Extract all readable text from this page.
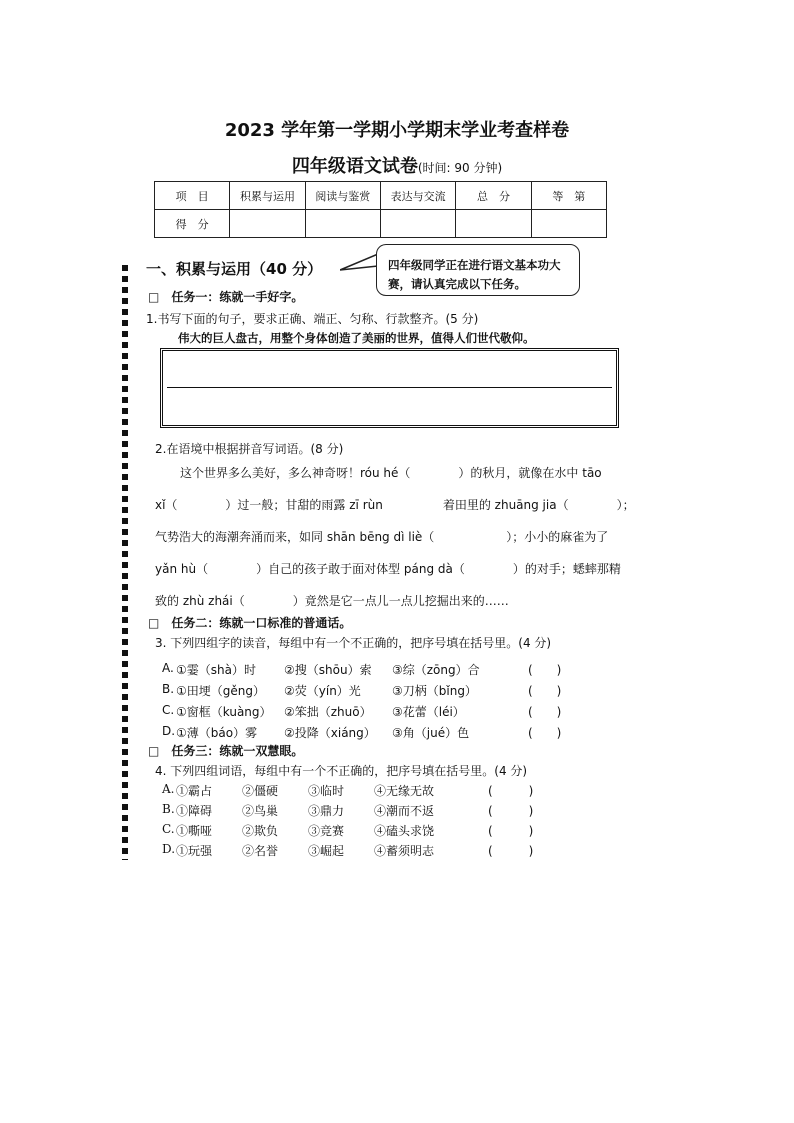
2023 学年第一学期小学期末学业考查样卷
四年级语文试卷(时间: 90 分钟)
项　目	积累与运用	阅读与鉴赏	表达与交流	总　分	等　第
得　分					
一、积累与运用（40 分）	四年级同学正在进行语文基本功大赛，请认真完成以下任务。
□　任务一：练就一手好字。
1.书写下面的句子，要求正确、端正、匀称、行款整齐。(5 分)
伟大的巨人盘古，用整个身体创造了美丽的世界，值得人们世代敬仰。
2.在语境中根据拼音写词语。(8 分)
这个世界多么美好，多么神奇呀！róu hé（　　　　）的秋月，就像在水中 tāo
xǐ（　　　　）过一般；甘甜的雨露 zī rùn　　　　　着田里的 zhuāng jia（　　　　）；
气势浩大的海潮奔涌而来，如同 shān bēng dì liè（　　　　　　）；小小的麻雀为了
yǎn hù（　　　　）自己的孩子敢于面对体型 páng dà（　　　　）的对手；蟋蟀那精
致的 zhù zhái（　　　　）竟然是它一点儿一点儿挖掘出来的……
□　任务二：练就一口标准的普通话。
3. 下列四组字的读音，每组中有一个不正确的，把序号填在括号里。(4 分)
A. ①霎（shà）时 ②搜（shōu）索 ③综（zōng）合	(　　)
B. ①田埂（gěng） ②荧（yín）光	③刀柄（bǐng）	(　　)
C. ①窗框（kuàng） ②笨拙（zhuō） ③花蕾（léi）	(　　)
D. ①薄（báo）雾 ②投降（xiáng） ③角（jué）色	(　　)
□　任务三：练就一双慧眼。
4. 下列四组词语，每组中有一个不正确的，把序号填在括号里。(4 分)
A. ①霸占 ②僵硬 ③临时 ④无缘无故	(　　　)
B. ①障碍 ②鸟巢 ③鼎力 ④潮而不返	(　　　)
C. ①嘶哑 ②欺负 ③竞赛 ④磕头求饶	(　　　)
D. ①玩强 ②名誉 ③崛起 ④蓄须明志	(　　　)
